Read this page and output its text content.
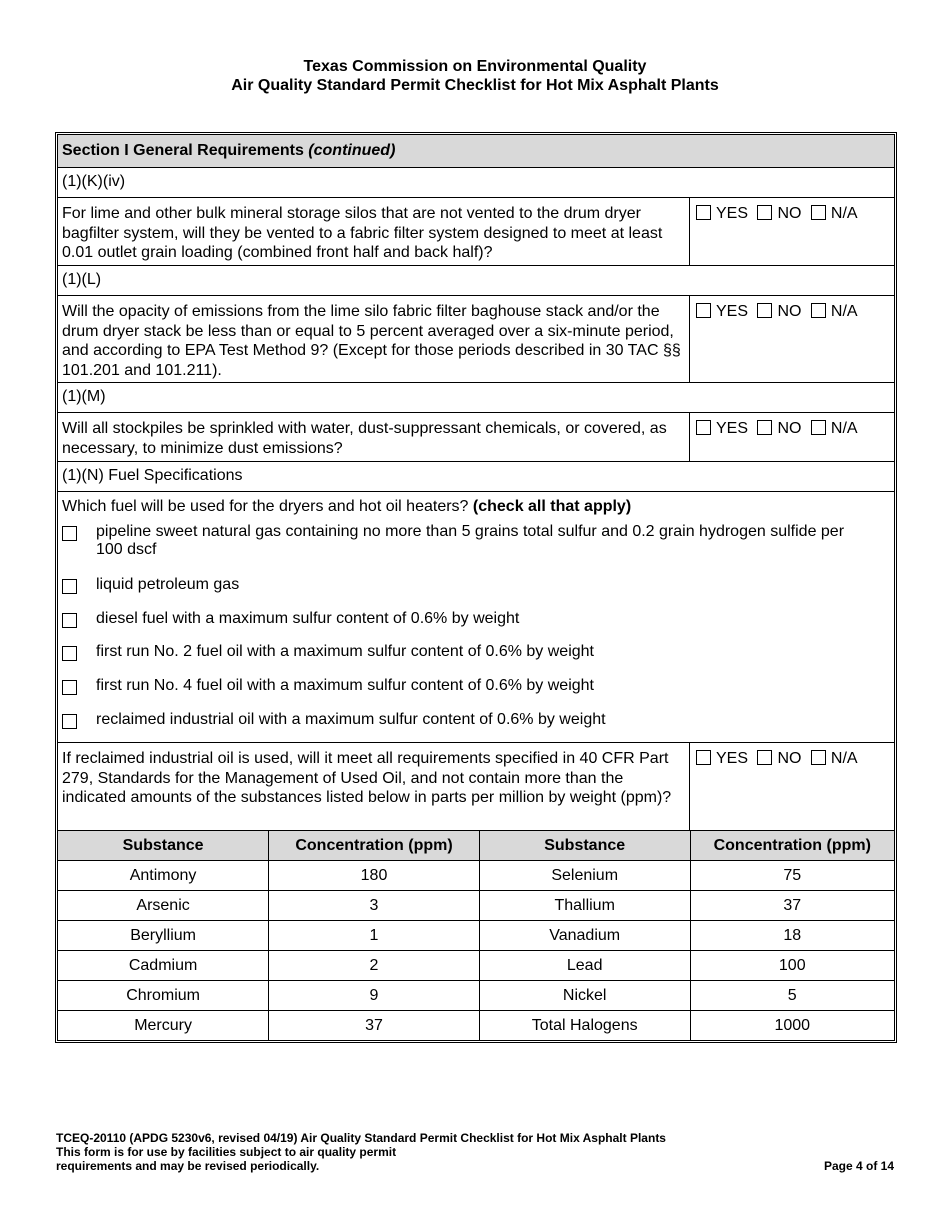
Texas Commission on Environmental Quality
Air Quality Standard Permit Checklist for Hot Mix Asphalt Plants
Section I General Requirements (continued)
(1)(K)(iv)
For lime and other bulk mineral storage silos that are not vented to the drum dryer bagfilter system, will they be vented to a fabric filter system designed to meet at least 0.01 outlet grain loading (combined front half and back half)?
YES NO N/A
(1)(L)
Will the opacity of emissions from the lime silo fabric filter baghouse stack and/or the drum dryer stack be less than or equal to 5 percent averaged over a six-minute period, and according to EPA Test Method 9? (Except for those periods described in 30 TAC §§ 101.201 and 101.211).
YES NO N/A
(1)(M)
Will all stockpiles be sprinkled with water, dust-suppressant chemicals, or covered, as necessary, to minimize dust emissions?
YES NO N/A
(1)(N) Fuel Specifications
Which fuel will be used for the dryers and hot oil heaters? (check all that apply)
pipeline sweet natural gas containing no more than 5 grains total sulfur and 0.2 grain hydrogen sulfide per 100 dscf
liquid petroleum gas
diesel fuel with a maximum sulfur content of 0.6% by weight
first run No. 2 fuel oil with a maximum sulfur content of 0.6% by weight
first run No. 4 fuel oil with a maximum sulfur content of 0.6% by weight
reclaimed industrial oil with a maximum sulfur content of 0.6% by weight
If reclaimed industrial oil is used, will it meet all requirements specified in 40 CFR Part 279, Standards for the Management of Used Oil, and not contain more than the indicated amounts of the substances listed below in parts per million by weight (ppm)?
YES NO N/A
Substance	Concentration (ppm)	Substance	Concentration (ppm)
Antimony	180	Selenium	75
Arsenic	3	Thallium	37
Beryllium	1	Vanadium	18
Cadmium	2	Lead	100
Chromium	9	Nickel	5
Mercury	37	Total Halogens	1000
TCEQ-20110 (APDG 5230v6, revised 04/19) Air Quality Standard Permit Checklist for Hot Mix Asphalt Plants
This form is for use by facilities subject to air quality permit
requirements and may be revised periodically.	Page 4 of 14
